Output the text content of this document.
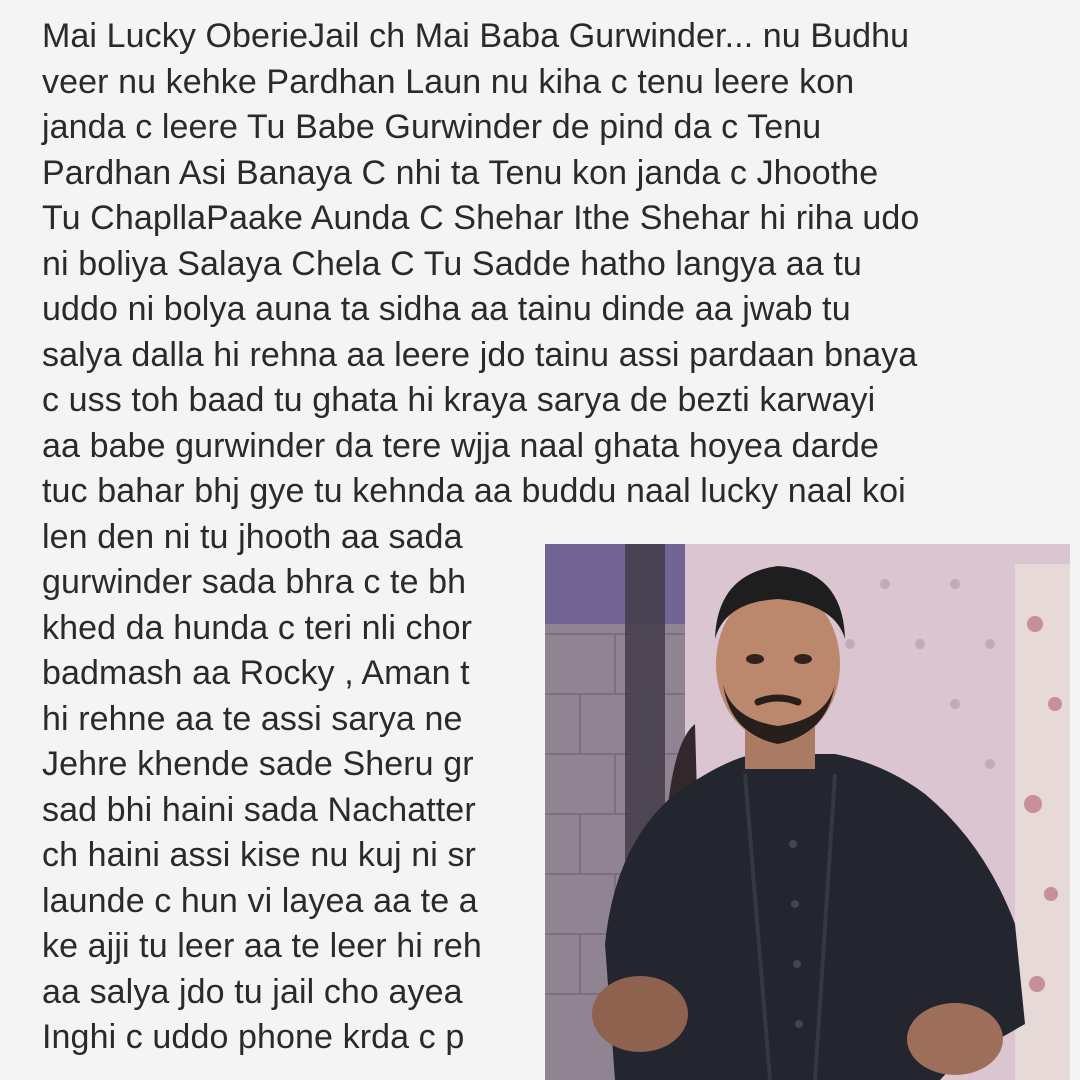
Mai Lucky OberieJail ch Mai Baba Gurwinder... nu Budhu
veer nu kehke Pardhan Laun nu kiha c tenu leere kon
janda c leere Tu Babe Gurwinder de pind da c Tenu
Pardhan Asi Banaya C nhi ta Tenu kon janda c Jhoothe
Tu ChapllaPaake Aunda C Shehar Ithe Shehar hi riha udo
ni boliya Salaya Chela C Tu Sadde hatho langya aa tu
uddo ni bolya auna ta sidha aa tainu dinde aa jwab tu
salya dalla hi rehna aa leere jdo tainu assi pardaan bnaya
c uss toh baad tu ghata hi kraya sarya de bezti karwayi
aa babe gurwinder da tere wjja naal ghata hoyea darde
tuc bahar bhj gye tu kehnda aa buddu naal lucky naal koi
len den ni tu jhooth aa sada
gurwinder sada bhra c te bh
khed da hunda c teri nli chor
badmash aa Rocky , Aman t
hi rehne aa te assi sarya ne
Jehre khende sade Sheru gr
sad bhi haini sada Nachatter
ch haini assi kise nu kuj ni sr
launde c hun vi layea aa te a
ke ajji tu leer aa te leer hi reh
aa salya jdo tu jail cho ayea
Inghi c uddo phone krda c p
